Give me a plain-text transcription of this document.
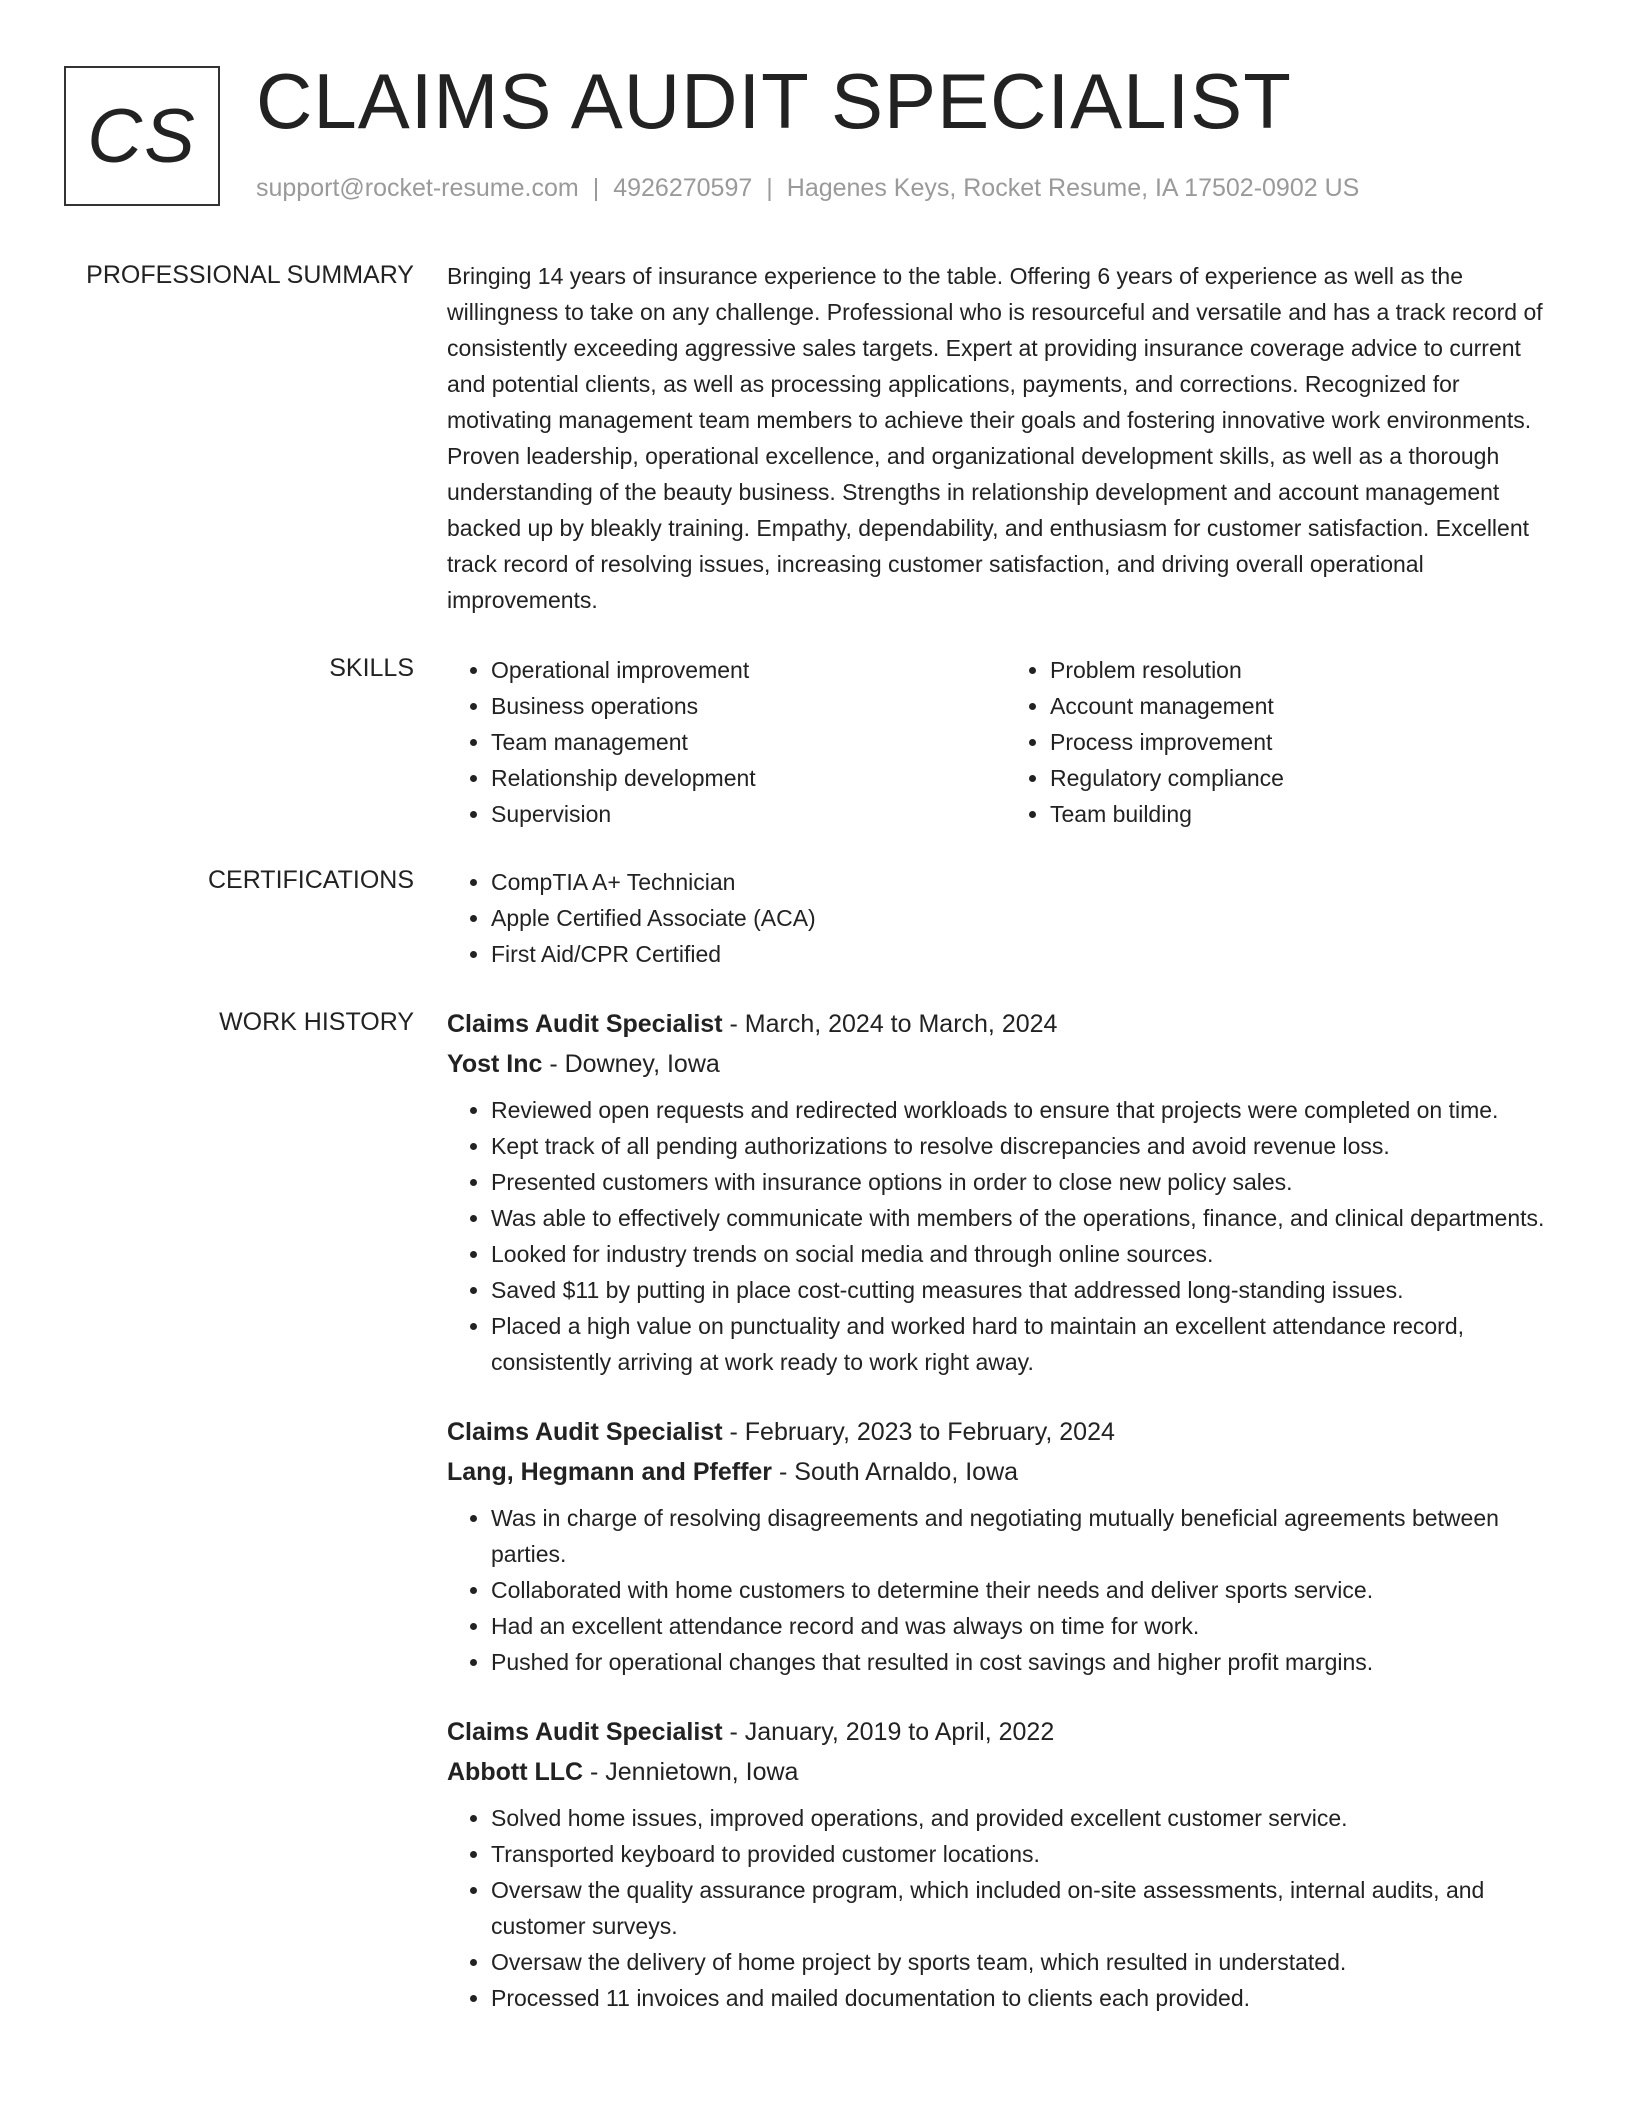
CS CLAIMS AUDIT SPECIALIST
support@rocket-resume.com | 4926270597 | Hagenes Keys, Rocket Resume, IA 17502-0902 US
PROFESSIONAL SUMMARY Bringing 14 years of insurance experience to the table. Offering 6 years of experience as well as the willingness to take on any challenge. Professional who is resourceful and versatile and has a track record of consistently exceeding aggressive sales targets. Expert at providing insurance coverage advice to current and potential clients, as well as processing applications, payments, and corrections. Recognized for motivating management team members to achieve their goals and fostering innovative work environments. Proven leadership, operational excellence, and organizational development skills, as well as a thorough understanding of the beauty business. Strengths in relationship development and account management backed up by bleakly training. Empathy, dependability, and enthusiasm for customer satisfaction. Excellent track record of resolving issues, increasing customer satisfaction, and driving overall operational improvements.
SKILLS	• Operational improvement
• Business operations
• Team management
• Relationship development
• Supervision
• Problem resolution
• Account management
• Process improvement
• Regulatory compliance
• Team building
CERTIFICATIONS	• CompTIA A+ Technician
• Apple Certified Associate (ACA)
• First Aid/CPR Certified
WORK HISTORY Claims Audit Specialist - March, 2024 to March, 2024
Yost Inc - Downey, Iowa
• Reviewed open requests and redirected workloads to ensure that projects were completed on time.
• Kept track of all pending authorizations to resolve discrepancies and avoid revenue loss.
• Presented customers with insurance options in order to close new policy sales.
• Was able to effectively communicate with members of the operations, finance, and clinical departments.
• Looked for industry trends on social media and through online sources.
• Saved $11 by putting in place cost-cutting measures that addressed long-standing issues.
• Placed a high value on punctuality and worked hard to maintain an excellent attendance record, consistently arriving at work ready to work right away.
Claims Audit Specialist - February, 2023 to February, 2024
Lang, Hegmann and Pfeffer - South Arnaldo, Iowa
• Was in charge of resolving disagreements and negotiating mutually beneficial agreements between parties.
• Collaborated with home customers to determine their needs and deliver sports service.
• Had an excellent attendance record and was always on time for work.
• Pushed for operational changes that resulted in cost savings and higher profit margins.
Claims Audit Specialist - January, 2019 to April, 2022
Abbott LLC - Jennietown, Iowa
• Solved home issues, improved operations, and provided excellent customer service.
• Transported keyboard to provided customer locations.
• Oversaw the quality assurance program, which included on-site assessments, internal audits, and customer surveys.
• Oversaw the delivery of home project by sports team, which resulted in understated.
• Processed 11 invoices and mailed documentation to clients each provided.
